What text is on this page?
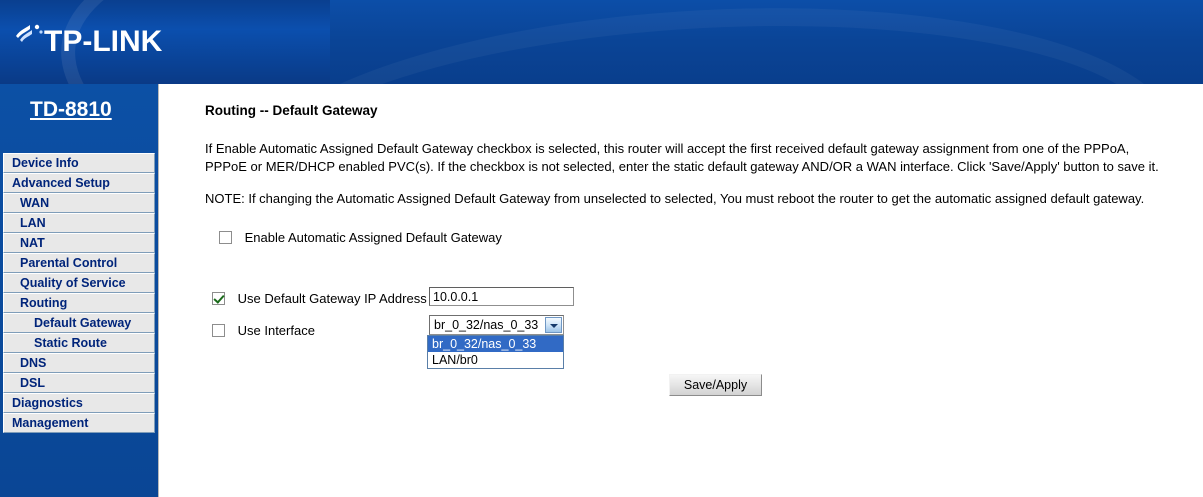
TP-LINK
TD-8810
Device Info
Advanced Setup
WAN
LAN
NAT
Parental Control
Quality of Service
Routing
Default Gateway
Static Route
DNS
DSL
Diagnostics
Management
Routing -- Default Gateway
If Enable Automatic Assigned Default Gateway checkbox is selected, this router will accept the first received default gateway assignment from one of the PPPoA, PPPoE or MER/DHCP enabled PVC(s). If the checkbox is not selected, enter the static default gateway AND/OR a WAN interface. Click 'Save/Apply' button to save it.
NOTE: If changing the Automatic Assigned Default Gateway from unselected to selected, You must reboot the router to get the automatic assigned default gateway.
Enable Automatic Assigned Default Gateway
Use Default Gateway IP Address
10.0.0.1
Use Interface	br_0_32/nas_0_33
br_0_32/nas_0_33
LAN/br0
Save/Apply
